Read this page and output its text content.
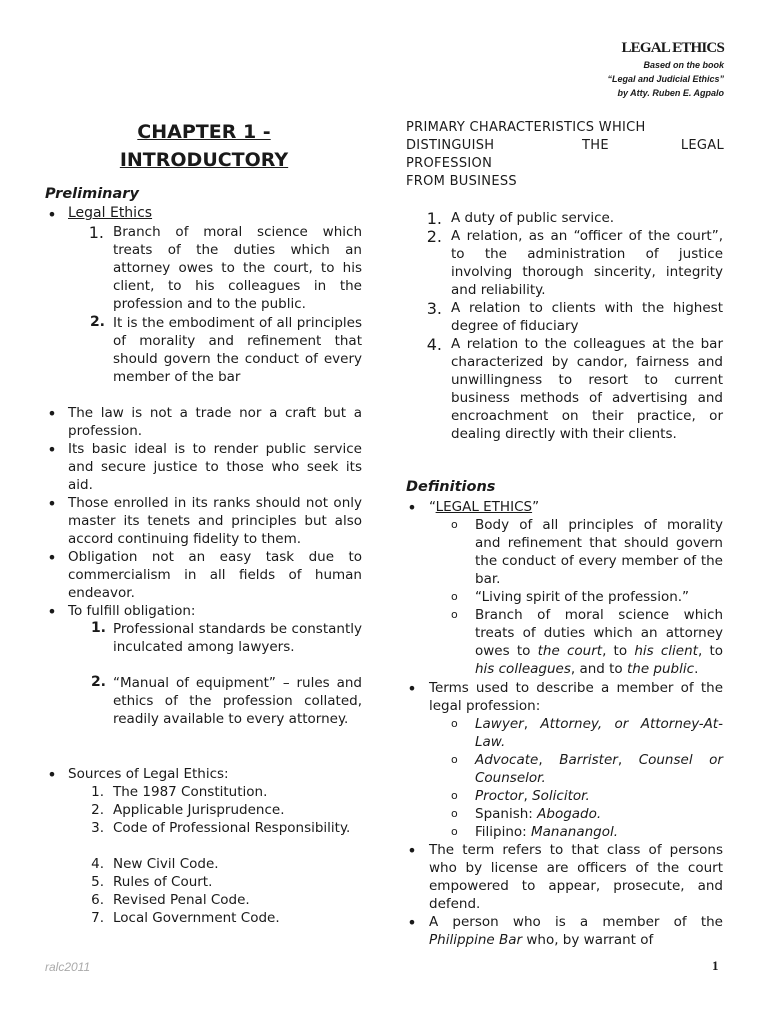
LEGAL ETHICS
Based on the book
“Legal and Judicial Ethics”
by Atty. Ruben E. Agpalo
CHAPTER 1 -
INTRODUCTORY
Preliminary
• Legal Ethics
1. Branch of moral science which treats of the duties which an attorney owes to the court, to his client, to his colleagues in the profession and to the public.
2. It is the embodiment of all principles of morality and refinement that should govern the conduct of every member of the bar
• The law is not a trade nor a craft but a profession.
• Its basic ideal is to render public service and secure justice to those who seek its aid.
• Those enrolled in its ranks should not only master its tenets and principles but also accord continuing fidelity to them.
• Obligation not an easy task due to commercialism in all fields of human endeavor.
• To fulfill obligation:
1. Professional standards be constantly inculcated among lawyers.
2. “Manual of equipment” – rules and ethics of the profession collated, readily available to every attorney.
• Sources of Legal Ethics:
1. The 1987 Constitution.
2. Applicable Jurisprudence.
3. Code of Professional Responsibility.
4. New Civil Code.
5. Rules of Court.
6. Revised Penal Code.
7. Local Government Code.
PRIMARY CHARACTERISTICS WHICH
DISTINGUISH	THE	LEGAL
PROFESSION
FROM BUSINESS
1. A duty of public service.
2. A relation, as an “officer of the court”, to the administration of justice involving thorough sincerity, integrity and reliability.
3. A relation to clients with the highest degree of fiduciary
4. A relation to the colleagues at the bar characterized by candor, fairness and unwillingness to resort to current business methods of advertising and encroachment on their practice, or dealing directly with their clients.
Definitions
• “LEGAL ETHICS”
o Body of all principles of morality and refinement that should govern the conduct of every member of the bar.
o “Living spirit of the profession.”
o Branch of moral science which treats of duties which an attorney owes to the court, to his client, to his colleagues, and to the public.
• Terms used to describe a member of the legal profession:
o Lawyer, Attorney, or Attorney-At-Law.
o Advocate, Barrister, Counsel or Counselor.
o Proctor, Solicitor.
o Spanish: Abogado.
o Filipino: Mananangol.
• The term refers to that class of persons who by license are officers of the court empowered to appear, prosecute, and defend.
• A person who is a member of the Philippine Bar who, by warrant of
ralc2011	1
